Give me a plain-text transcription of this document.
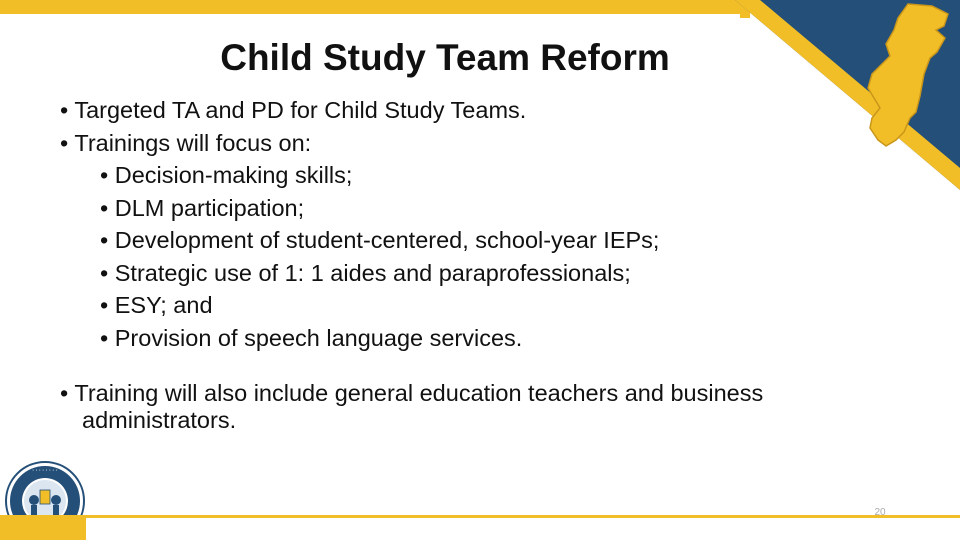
Child Study Team Reform
• Targeted TA and PD for Child Study Teams.
• Trainings will focus on:
• Decision-making skills;
• DLM participation;
• Development of student-centered, school-year IEPs;
• Strategic use of 1: 1 aides and paraprofessionals;
• ESY; and
• Provision of speech language services.
• Training will also include general education teachers and business administrators.
· · · · · · · ·
20
